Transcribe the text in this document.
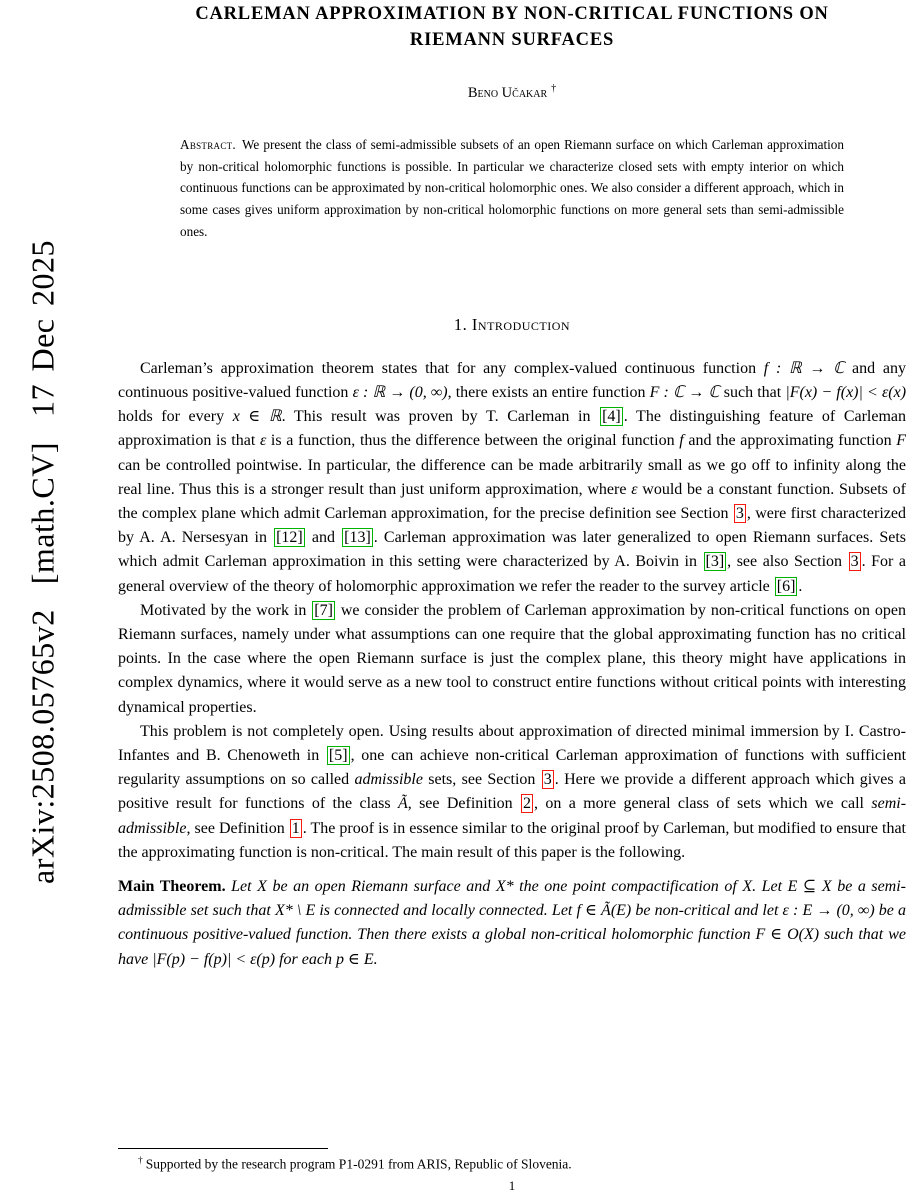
arXiv:2508.05765v2  [math.CV]  17 Dec 2025
CARLEMAN APPROXIMATION BY NON-CRITICAL FUNCTIONS ON
RIEMANN SURFACES
Beno Učakar †
Abstract. We present the class of semi-admissible subsets of an open Riemann surface on which Carleman approximation by non-critical holomorphic functions is possible. In particular we characterize closed sets with empty interior on which continuous functions can be approximated by non-critical holomorphic ones. We also consider a different approach, which in some cases gives uniform approximation by non-critical holomorphic functions on more general sets than semi-admissible ones.
1. Introduction

Carleman’s approximation theorem states that for any complex-valued continuous function f : ℝ → ℂ and any continuous positive-valued function ε : ℝ → (0, ∞), there exists an entire function F : ℂ → ℂ such that |F(x) − f(x)| < ε(x) holds for every x ∈ ℝ. This result was proven by T. Carleman in [4] . The distinguishing feature of Carleman approximation is that ε is a function, thus the difference between the original function f and the approximating function F can be controlled pointwise. In particular, the difference can be made arbitrarily small as we go off to infinity along the real line. Thus this is a stronger result than just uniform approximation, where ε would be a constant function. Subsets of the complex plane which admit Carleman approximation, for the precise definition see Section 3 , were first characterized by A. A. Nersesyan in [12] and [13] . Carleman approximation was later generalized to open Riemann surfaces. Sets which admit Carleman approximation in this setting were characterized by A. Boivin in [3] , see also Section 3 . For a general overview of the theory of holomorphic approximation we refer the reader to the survey article [6] .

Motivated by the work in [7] we consider the problem of Carleman approximation by non-critical functions on open Riemann surfaces, namely under what assumptions can one require that the global approximating function has no critical points. In the case where the open Riemann surface is just the complex plane, this theory might have applications in complex dynamics, where it would serve as a new tool to construct entire functions without critical points with interesting dynamical properties.

This problem is not completely open. Using results about approximation of directed minimal immersion by I. Castro-Infantes and B. Chenoweth in [5] , one can achieve non-critical Carleman approximation of functions with sufficient regularity assumptions on so called admissible sets, see Section 3 . Here we provide a different approach which gives a positive result for functions of the class Ã, see Definition 2 , on a more general class of sets which we call semi-admissible, see Definition 1 . The proof is in essence similar to the original proof by Carleman, but modified to ensure that the approximating function is non-critical. The main result of this paper is the following.

Main Theorem. Let X be an open Riemann surface and X* the one point compactification of X. Let E ⊆ X be a semi-admissible set such that X* \ E is connected and locally connected. Let f ∈ Ã(E) be non-critical and let ε : E → (0, ∞) be a continuous positive-valued function. Then there exists a global non-critical holomorphic function F ∈ O(X) such that we have |F(p) − f(p)| < ε(p) for each p ∈ E.

† Supported by the research program P1-0291 from ARIS, Republic of Slovenia.
1
